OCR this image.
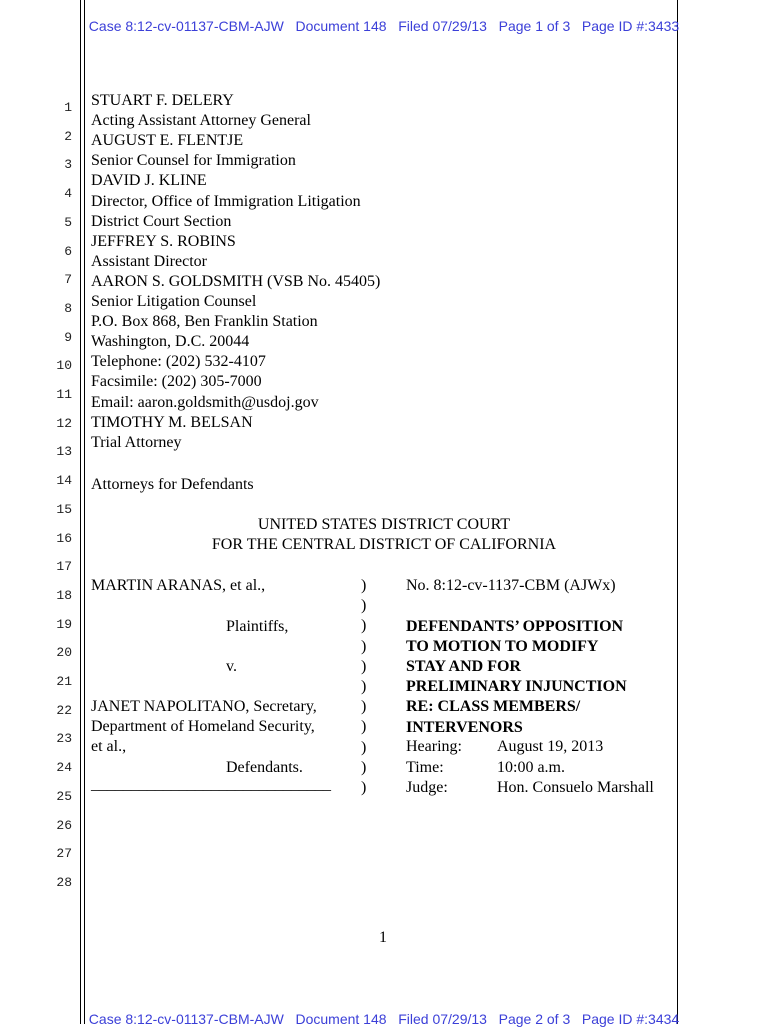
Case 8:12-cv-01137-CBM-AJW   Document 148   Filed 07/29/13   Page 1 of 3   Page ID #:3433
Case 8:12-cv-01137-CBM-AJW   Document 148   Filed 07/29/13   Page 2 of 3   Page ID #:3434
1
2
3
4
5
6
7
8
9
10
11
12
13
14
15
16
17
18
19
20
21
22
23
24
25
26
27
28
STUART F. DELERY
Acting Assistant Attorney General
AUGUST E. FLENTJE
Senior Counsel for Immigration
DAVID J. KLINE
Director, Office of Immigration Litigation
District Court Section
JEFFREY S. ROBINS
Assistant Director
AARON S. GOLDSMITH (VSB No. 45405)
Senior Litigation Counsel
P.O. Box 868, Ben Franklin Station
Washington, D.C. 20044
Telephone: (202) 532-4107
Facsimile: (202) 305-7000
Email: aaron.goldsmith@usdoj.gov
TIMOTHY M. BELSAN
Trial Attorney
Attorneys for Defendants
UNITED STATES DISTRICT COURT
FOR THE CENTRAL DISTRICT OF CALIFORNIA
MARTIN ARANAS, et al.,
Plaintiffs,
v.
JANET NAPOLITANO, Secretary,
Department of Homeland Security,
et al.,
Defendants.
______________________________
)
)
)
)
)
)
)
)
)
)
)
No. 8:12-cv-1137-CBM (AJWx)
DEFENDANTS’ OPPOSITION
TO MOTION TO MODIFY
STAY AND FOR
PRELIMINARY INJUNCTION
RE: CLASS MEMBERS/
INTERVENORS
Hearing: August 19, 2013
Time:	10:00 a.m.
Judge:	Hon. Consuelo Marshall
1
